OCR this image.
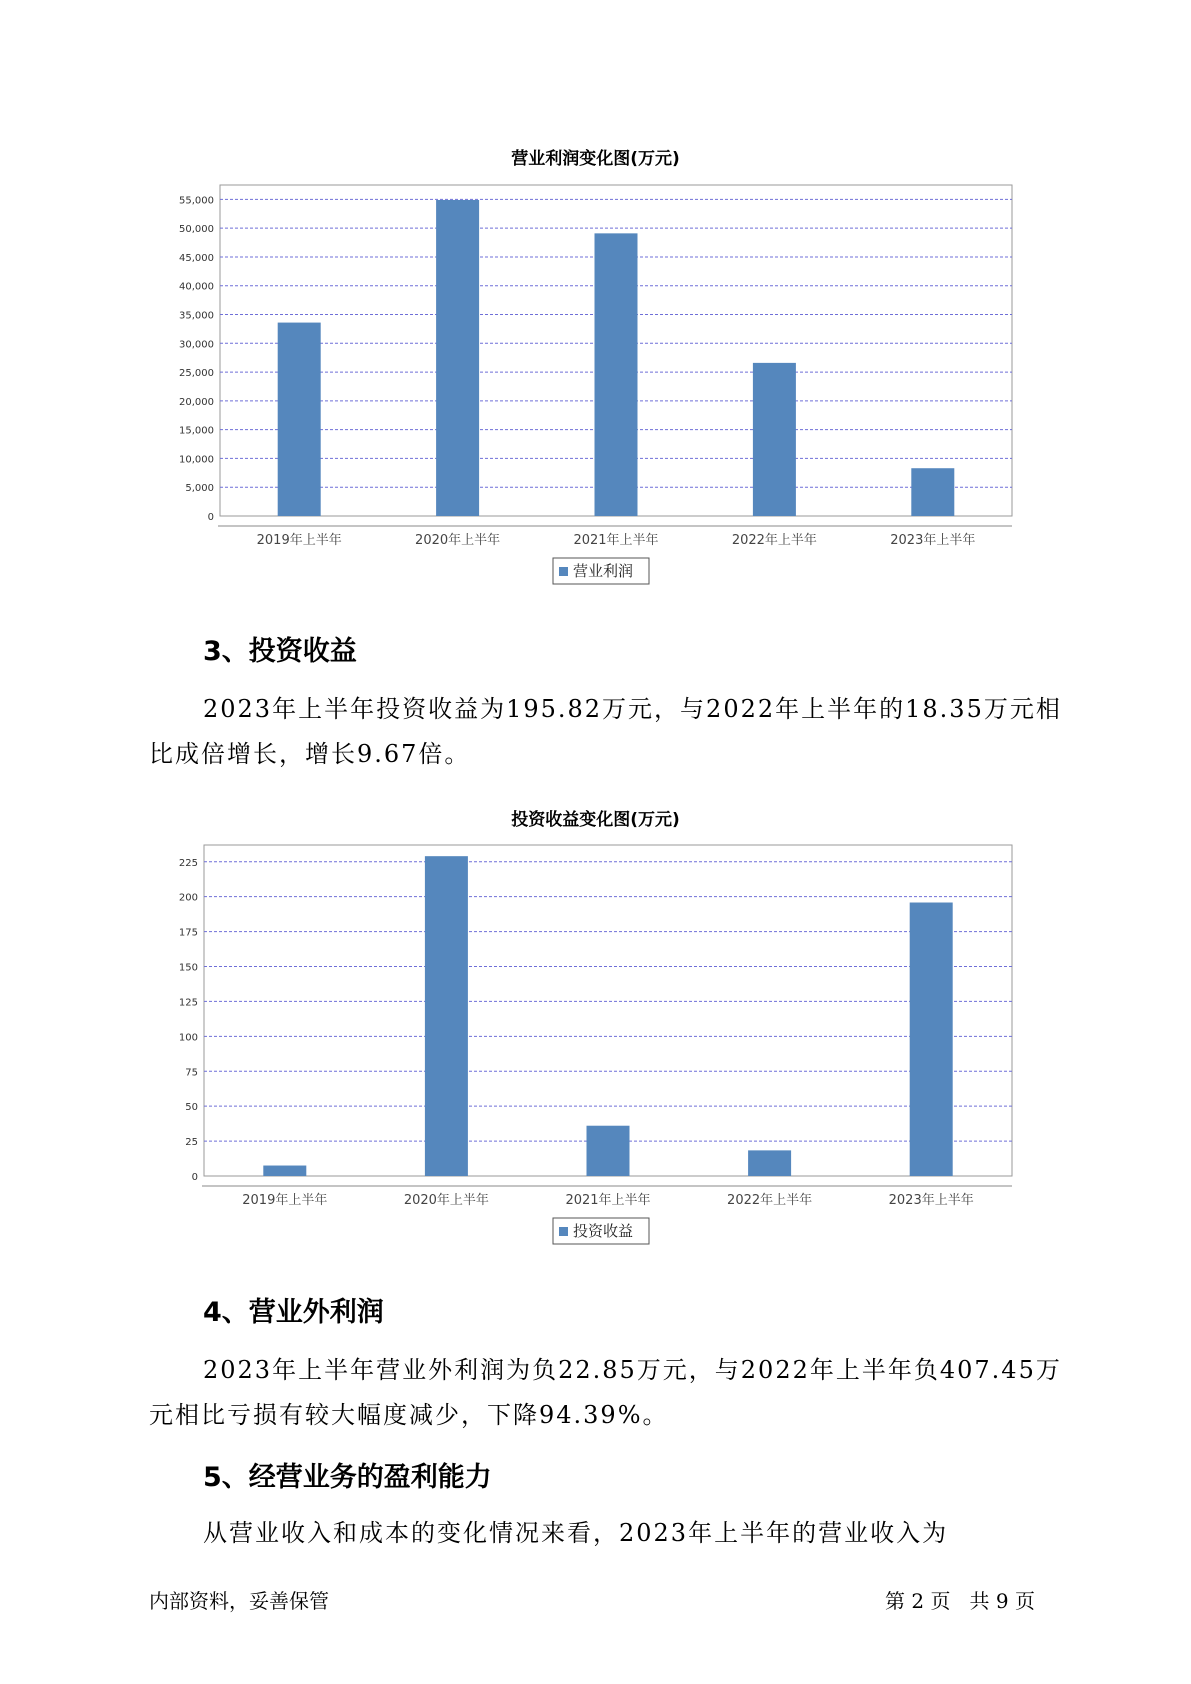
营业利润变化图(万元)
0
5,000
10,000
15,000
20,000
25,000
30,000
35,000
40,000
45,000
50,000
55,000
2019年上半年	2020年上半年	2021年上半年	2022年上半年	2023年上半年
营业利润
3、投资收益
2023年上半年投资收益为195.82万元，与2022年上半年的18.35万元相
比成倍增长，增长9.67倍。
投资收益变化图(万元)
0
25
50
75
100
125
150
175
200
225
2019年上半年	2020年上半年	2021年上半年	2022年上半年	2023年上半年
投资收益
4、营业外利润
2023年上半年营业外利润为负22.85万元，与2022年上半年负407.45万
元相比亏损有较大幅度减少，下降94.39%。
5、经营业务的盈利能力
从营业收入和成本的变化情况来看，2023年上半年的营业收入为
内部资料，妥善保管	第 2 页   共 9 页
